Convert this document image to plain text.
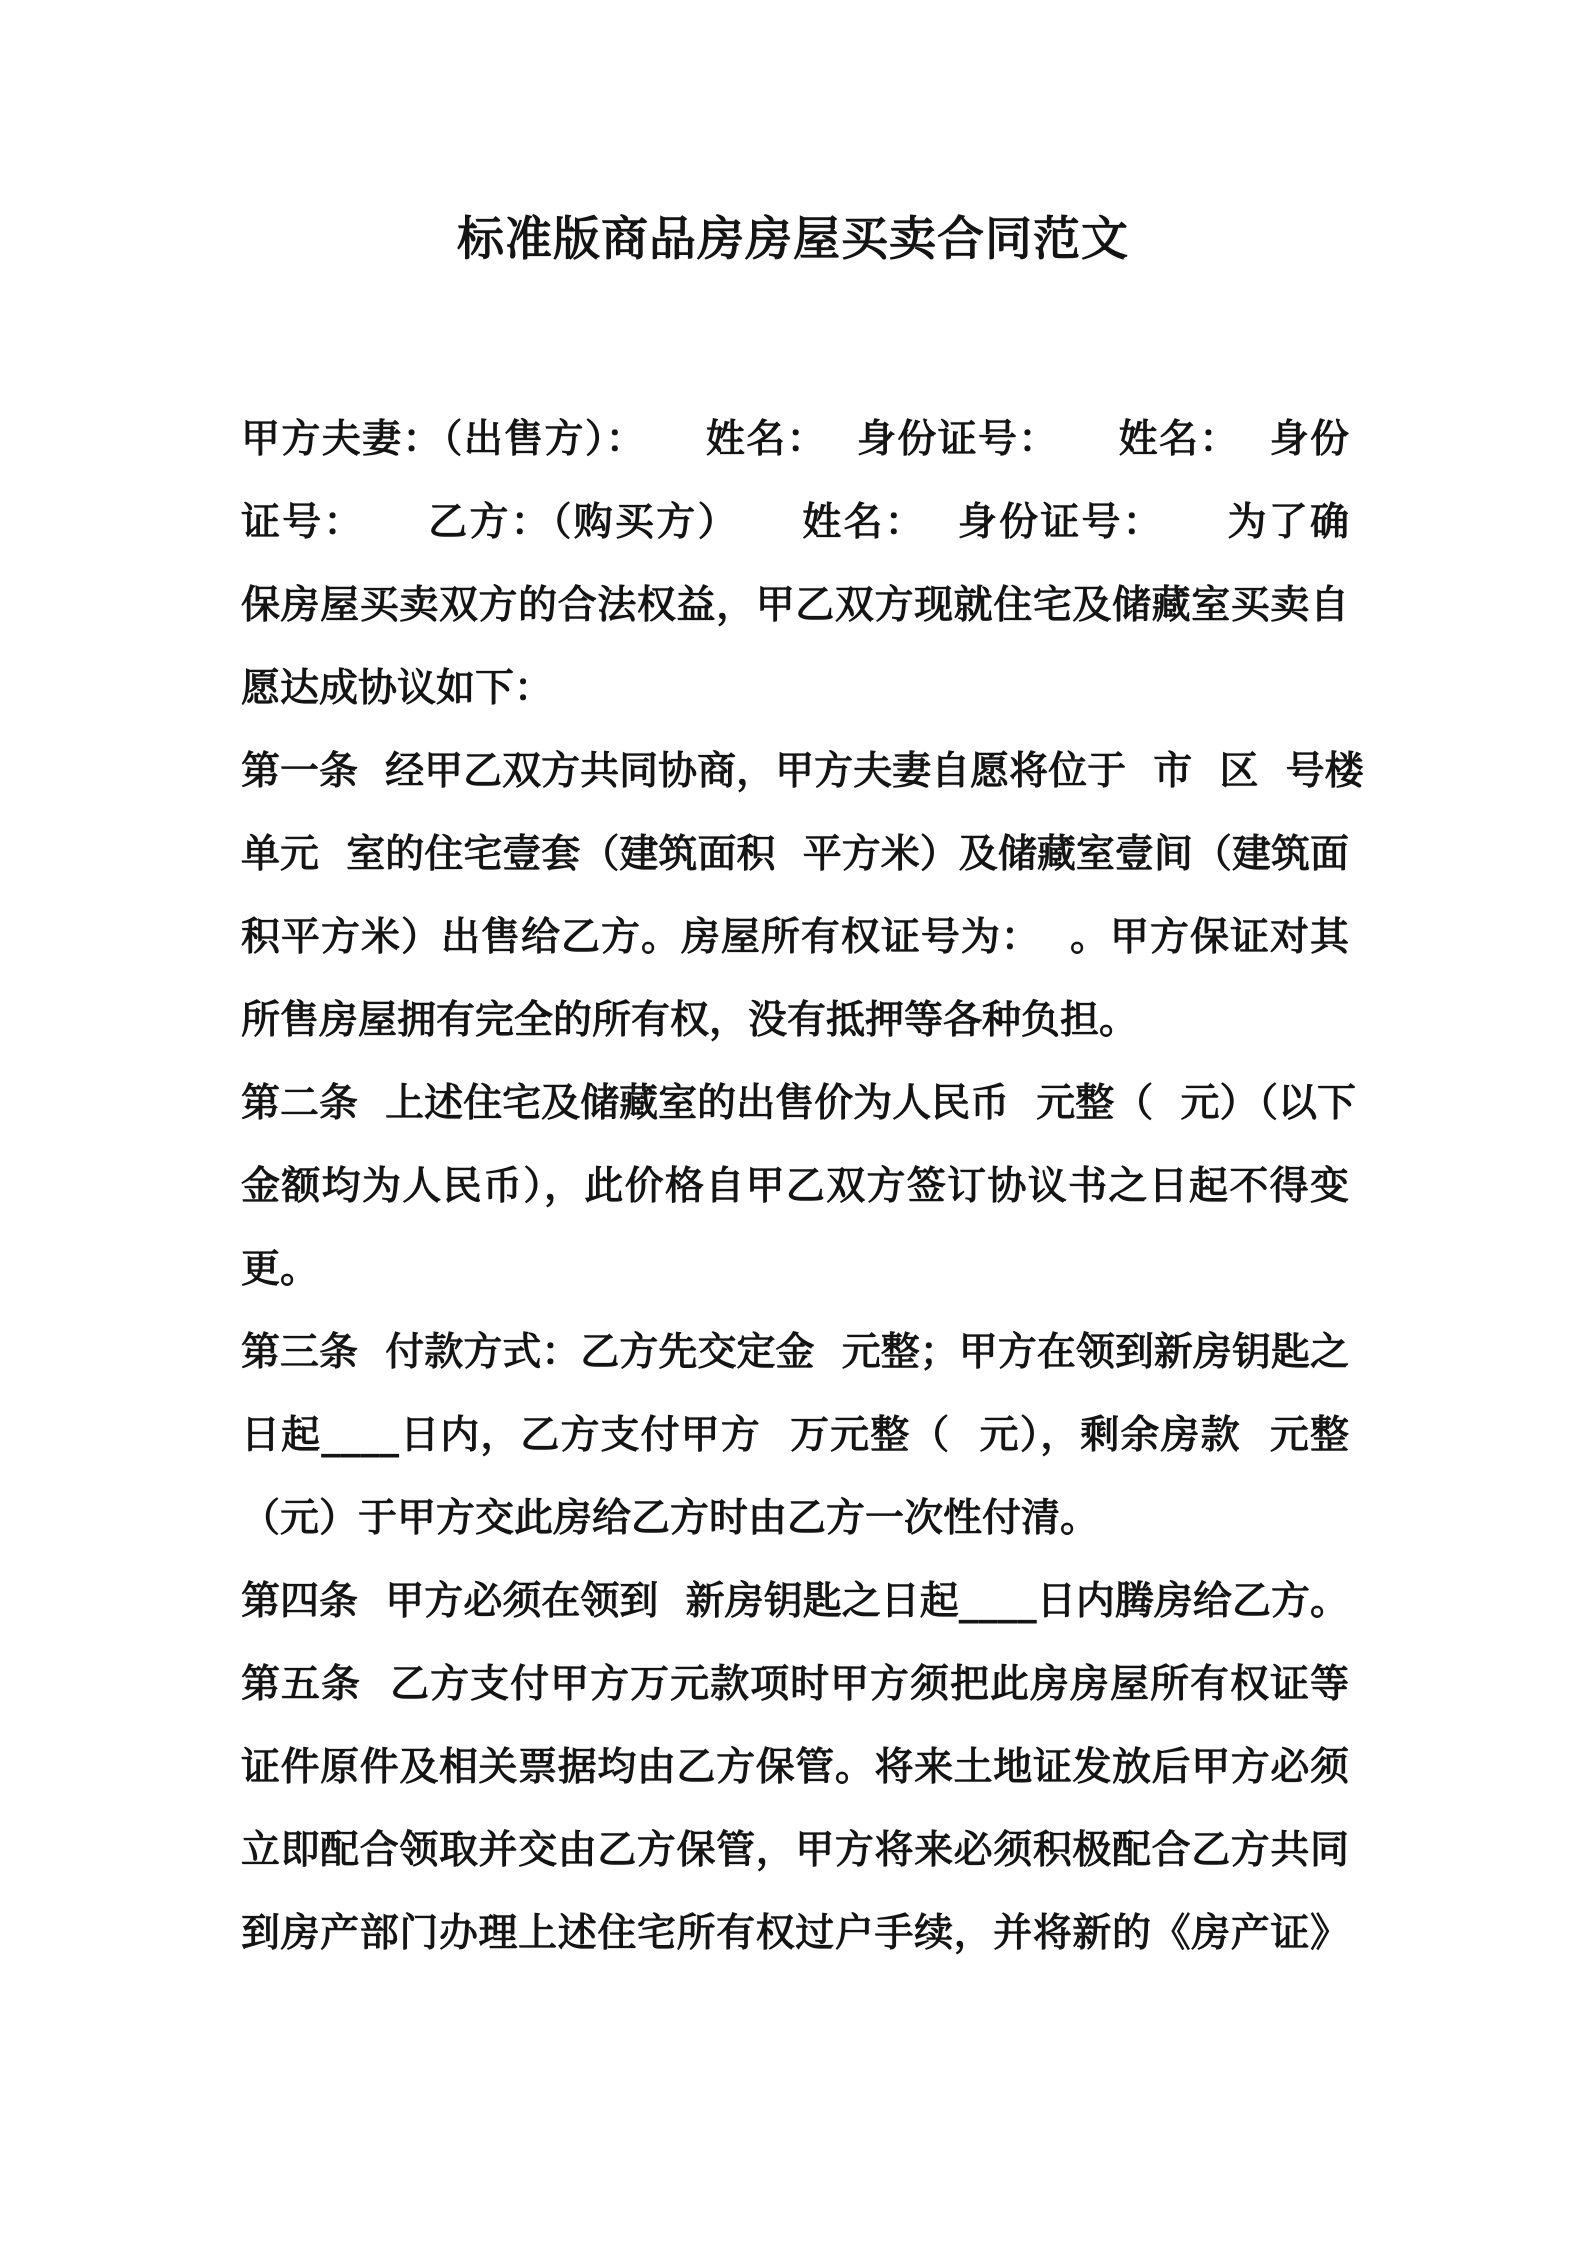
标准版商品房房屋买卖合同范文
甲方夫妻：（出售方）：    姓名：  身份证号：    姓名：  身份
证号：    乙方：（购买方）    姓名：  身份证号：    为了确
保房屋买卖双方的合法权益，甲乙双方现就住宅及储藏室买卖自
愿达成协议如下：
第一条  经甲乙双方共同协商，甲方夫妻自愿将位于  市  区  号楼
单元  室的住宅壹套（建筑面积  平方米）及储藏室壹间（建筑面
积平方米）出售给乙方。房屋所有权证号为：  。甲方保证对其
所售房屋拥有完全的所有权，没有抵押等各种负担。
第二条  上述住宅及储藏室的出售价为人民币  元整（  元）（以下
金额均为人民币），此价格自甲乙双方签订协议书之日起不得变
更。
第三条  付款方式：乙方先交定金  元整；甲方在领到新房钥匙之
日起____日内，乙方支付甲方  万元整（  元），剩余房款  元整
（元）于甲方交此房给乙方时由乙方一次性付清。
第四条  甲方必须在领到  新房钥匙之日起____日内腾房给乙方。
第五条  乙方支付甲方万元款项时甲方须把此房房屋所有权证等
证件原件及相关票据均由乙方保管。将来土地证发放后甲方必须
立即配合领取并交由乙方保管，甲方将来必须积极配合乙方共同
到房产部门办理上述住宅所有权过户手续，并将新的《房产证》
